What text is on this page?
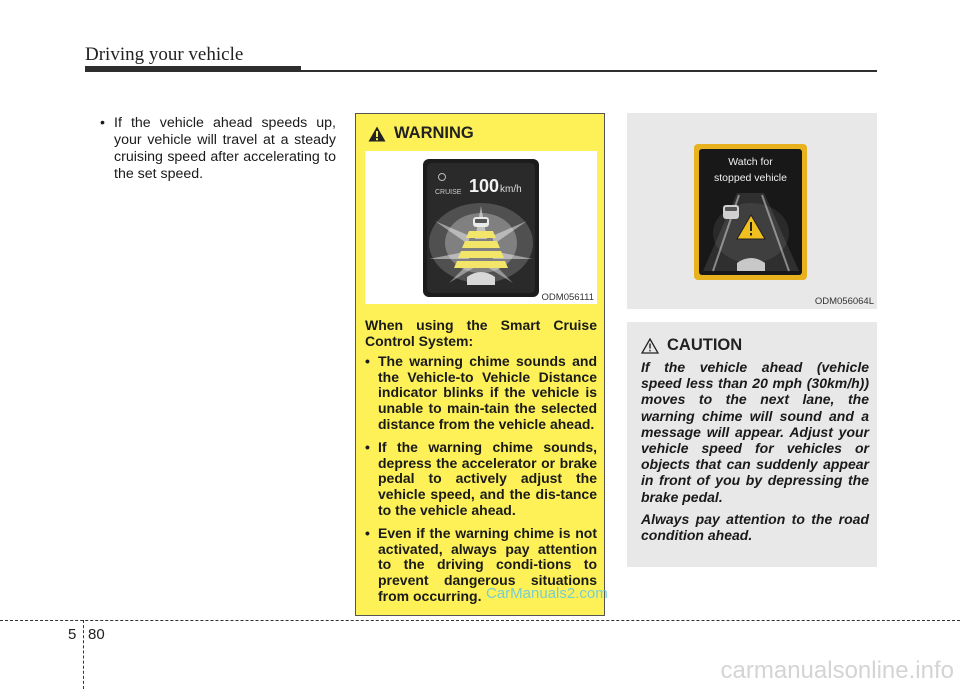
Driving your vehicle
• If the vehicle ahead speeds up, your vehicle will travel at a steady cruising speed after accelerating to the set speed.
WARNING
CRUISE 100 km/h
ODM056111

When using the Smart Cruise Control System:

• The warning chime sounds and the Vehicle-to Vehicle Distance indicator blinks if the vehicle is unable to main-tain the selected distance from the vehicle ahead.
• If the warning chime sounds, depress the accelerator or brake pedal to actively adjust the vehicle speed, and the dis-tance to the vehicle ahead.
• Even if the warning chime is not activated, always pay attention to the driving condi-tions to prevent dangerous situations from occurring.
Watch for
stopped vehicle
ODM056064L
CAUTION

If the vehicle ahead (vehicle speed less than 20 mph (30km/h)) moves to the next lane, the warning chime will sound and a message will appear. Adjust your vehicle speed for vehicles or objects that can suddenly appear in front of you by depressing the brake pedal.

Always pay attention to the road condition ahead.

CarManuals2.com
5 80
carmanualsonline.info
